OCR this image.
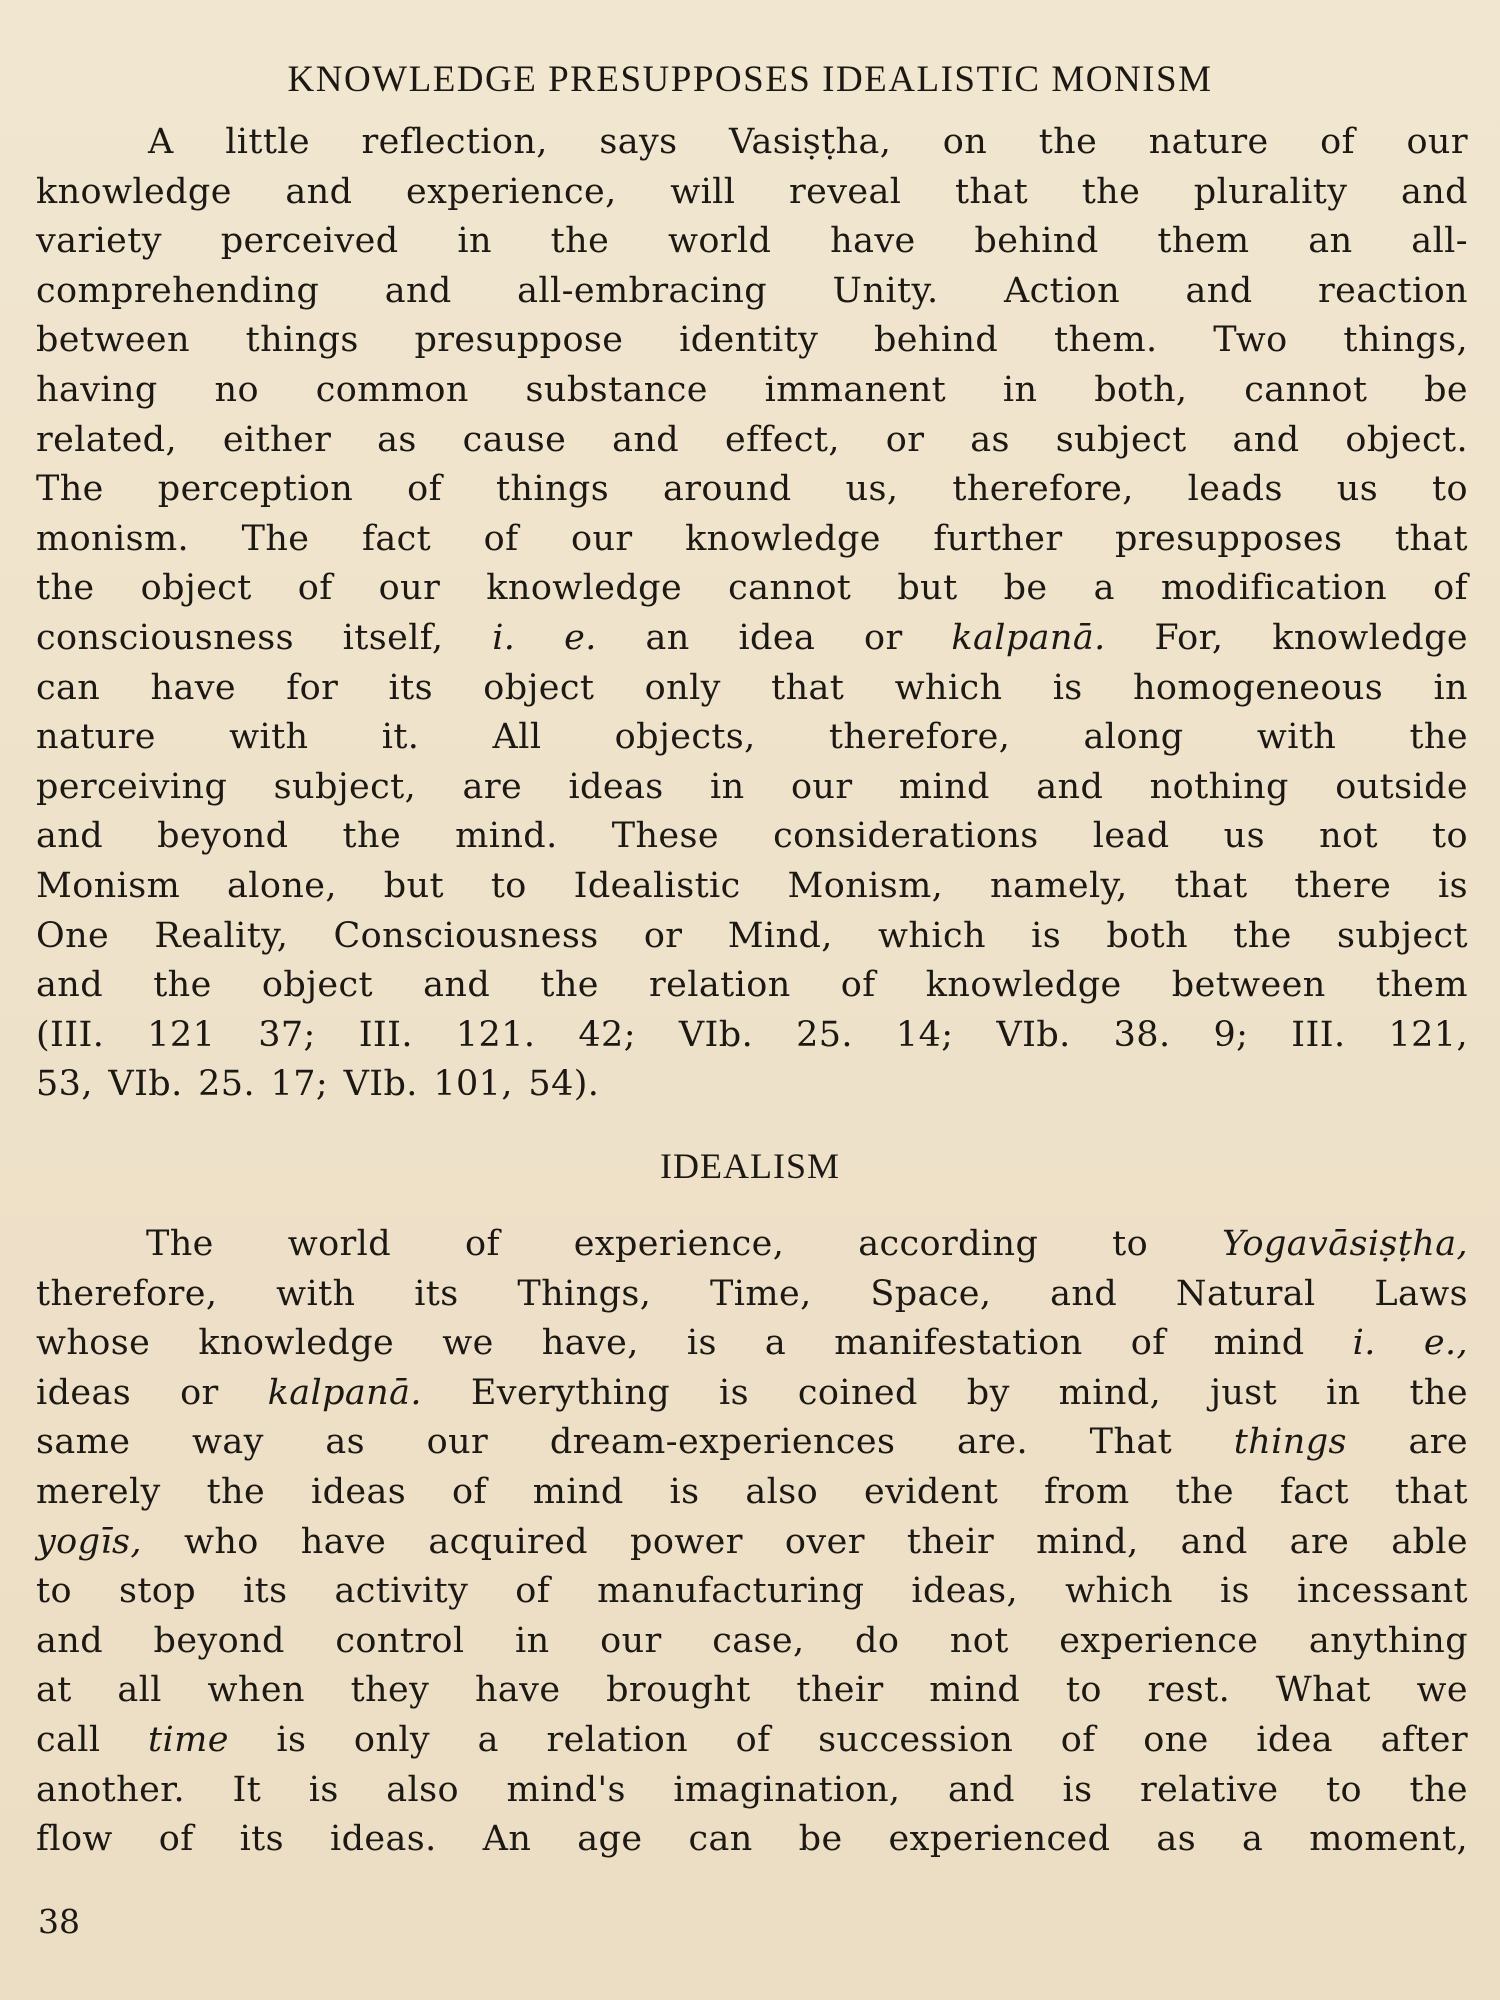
KNOWLEDGE PRESUPPOSES IDEALISTIC MONISM
A little reflection, says Vasiṣṭha, on the nature of our
knowledge and experience, will reveal that the plurality and
variety perceived in the world have behind them an all-
comprehending and all-embracing Unity. Action and reaction
between things presuppose identity behind them. Two things,
having no common substance immanent in both, cannot be
related, either as cause and effect, or as subject and object.
The perception of things around us, therefore, leads us to
monism. The fact of our knowledge further presupposes that
the object of our knowledge cannot but be a modification of
consciousness itself, i. e. an idea or kalpanā. For, knowledge
can have for its object only that which is homogeneous in
nature with it. All objects, therefore, along with the
perceiving subject, are ideas in our mind and nothing outside
and beyond the mind. These considerations lead us not to
Monism alone, but to Idealistic Monism, namely, that there is
One Reality, Consciousness or Mind, which is both the subject
and the object and the relation of knowledge between them
(III. 121 37; III. 121. 42; VIb. 25. 14; VIb. 38. 9; III. 121,
53, VIb. 25. 17; VIb. 101, 54).
IDEALISM
The world of experience, according to Yogavāsiṣṭha,
therefore, with its Things, Time, Space, and Natural Laws
whose knowledge we have, is a manifestation of mind i. e.,
ideas or kalpanā. Everything is coined by mind, just in the
same way as our dream-experiences are. That things are
merely the ideas of mind is also evident from the fact that
yogīs, who have acquired power over their mind, and are able
to stop its activity of manufacturing ideas, which is incessant
and beyond control in our case, do not experience anything
at all when they have brought their mind to rest. What we
call time is only a relation of succession of one idea after
another. It is also mind's imagination, and is relative to the
flow of its ideas. An age can be experienced as a moment,
38
